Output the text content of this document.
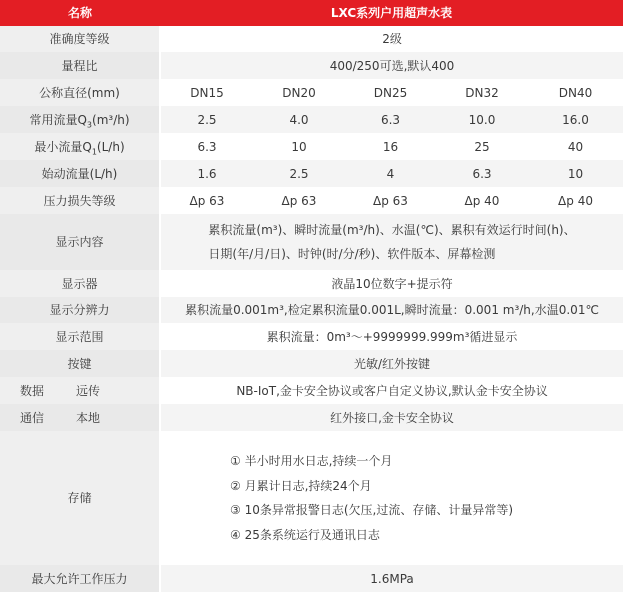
名称	LXC系列户用超声水表				
准确度等级	2级				
量程比	400/250可选,默认400				
公称直径(mm)	DN15	DN20	DN25	DN32	DN40
常用流量$Q_3(m^3/h)$	2.5	4.0	6.3	10.0	16.0
最小流量$Q_1(L/h)$	6.3	10	16	25	40
始动流量(L/h)	1.6	2.5	4	6.3	10
压力损失等级	Δp 63	Δp 63	Δp 63	Δp 40	Δp 40
显示内容	累积流量(m³)、瞬时流量(m³/h)、水温(℃)、累积有效运行时间(h)、
日期(年/月/日)、时钟(时/分/秒)、软件版本、屏幕检测				

显示器	液晶10位数字+提示符				
显示分辨力	累积流量0.001m³,检定累积流量0.001L,瞬时流量：0.001 m³/h,水温0.01℃				
显示范围	累积流量：0m³～+9999999.999m³循进显示				
按键	光敏/红外按键				
数据 远传	NB-IoT,金卡安全协议或客户自定义协议,默认金卡安全协议				
通信 本地	红外接口,金卡安全协议				
存储	① 半小时用水日志,持续一个月
② 月累计日志,持续24个月
③ 10条异常报警日志(欠压,过流、存储、计量异常等)
④ 25条系统运行及通讯日志				

最大允许工作压力	1.6MPa				
